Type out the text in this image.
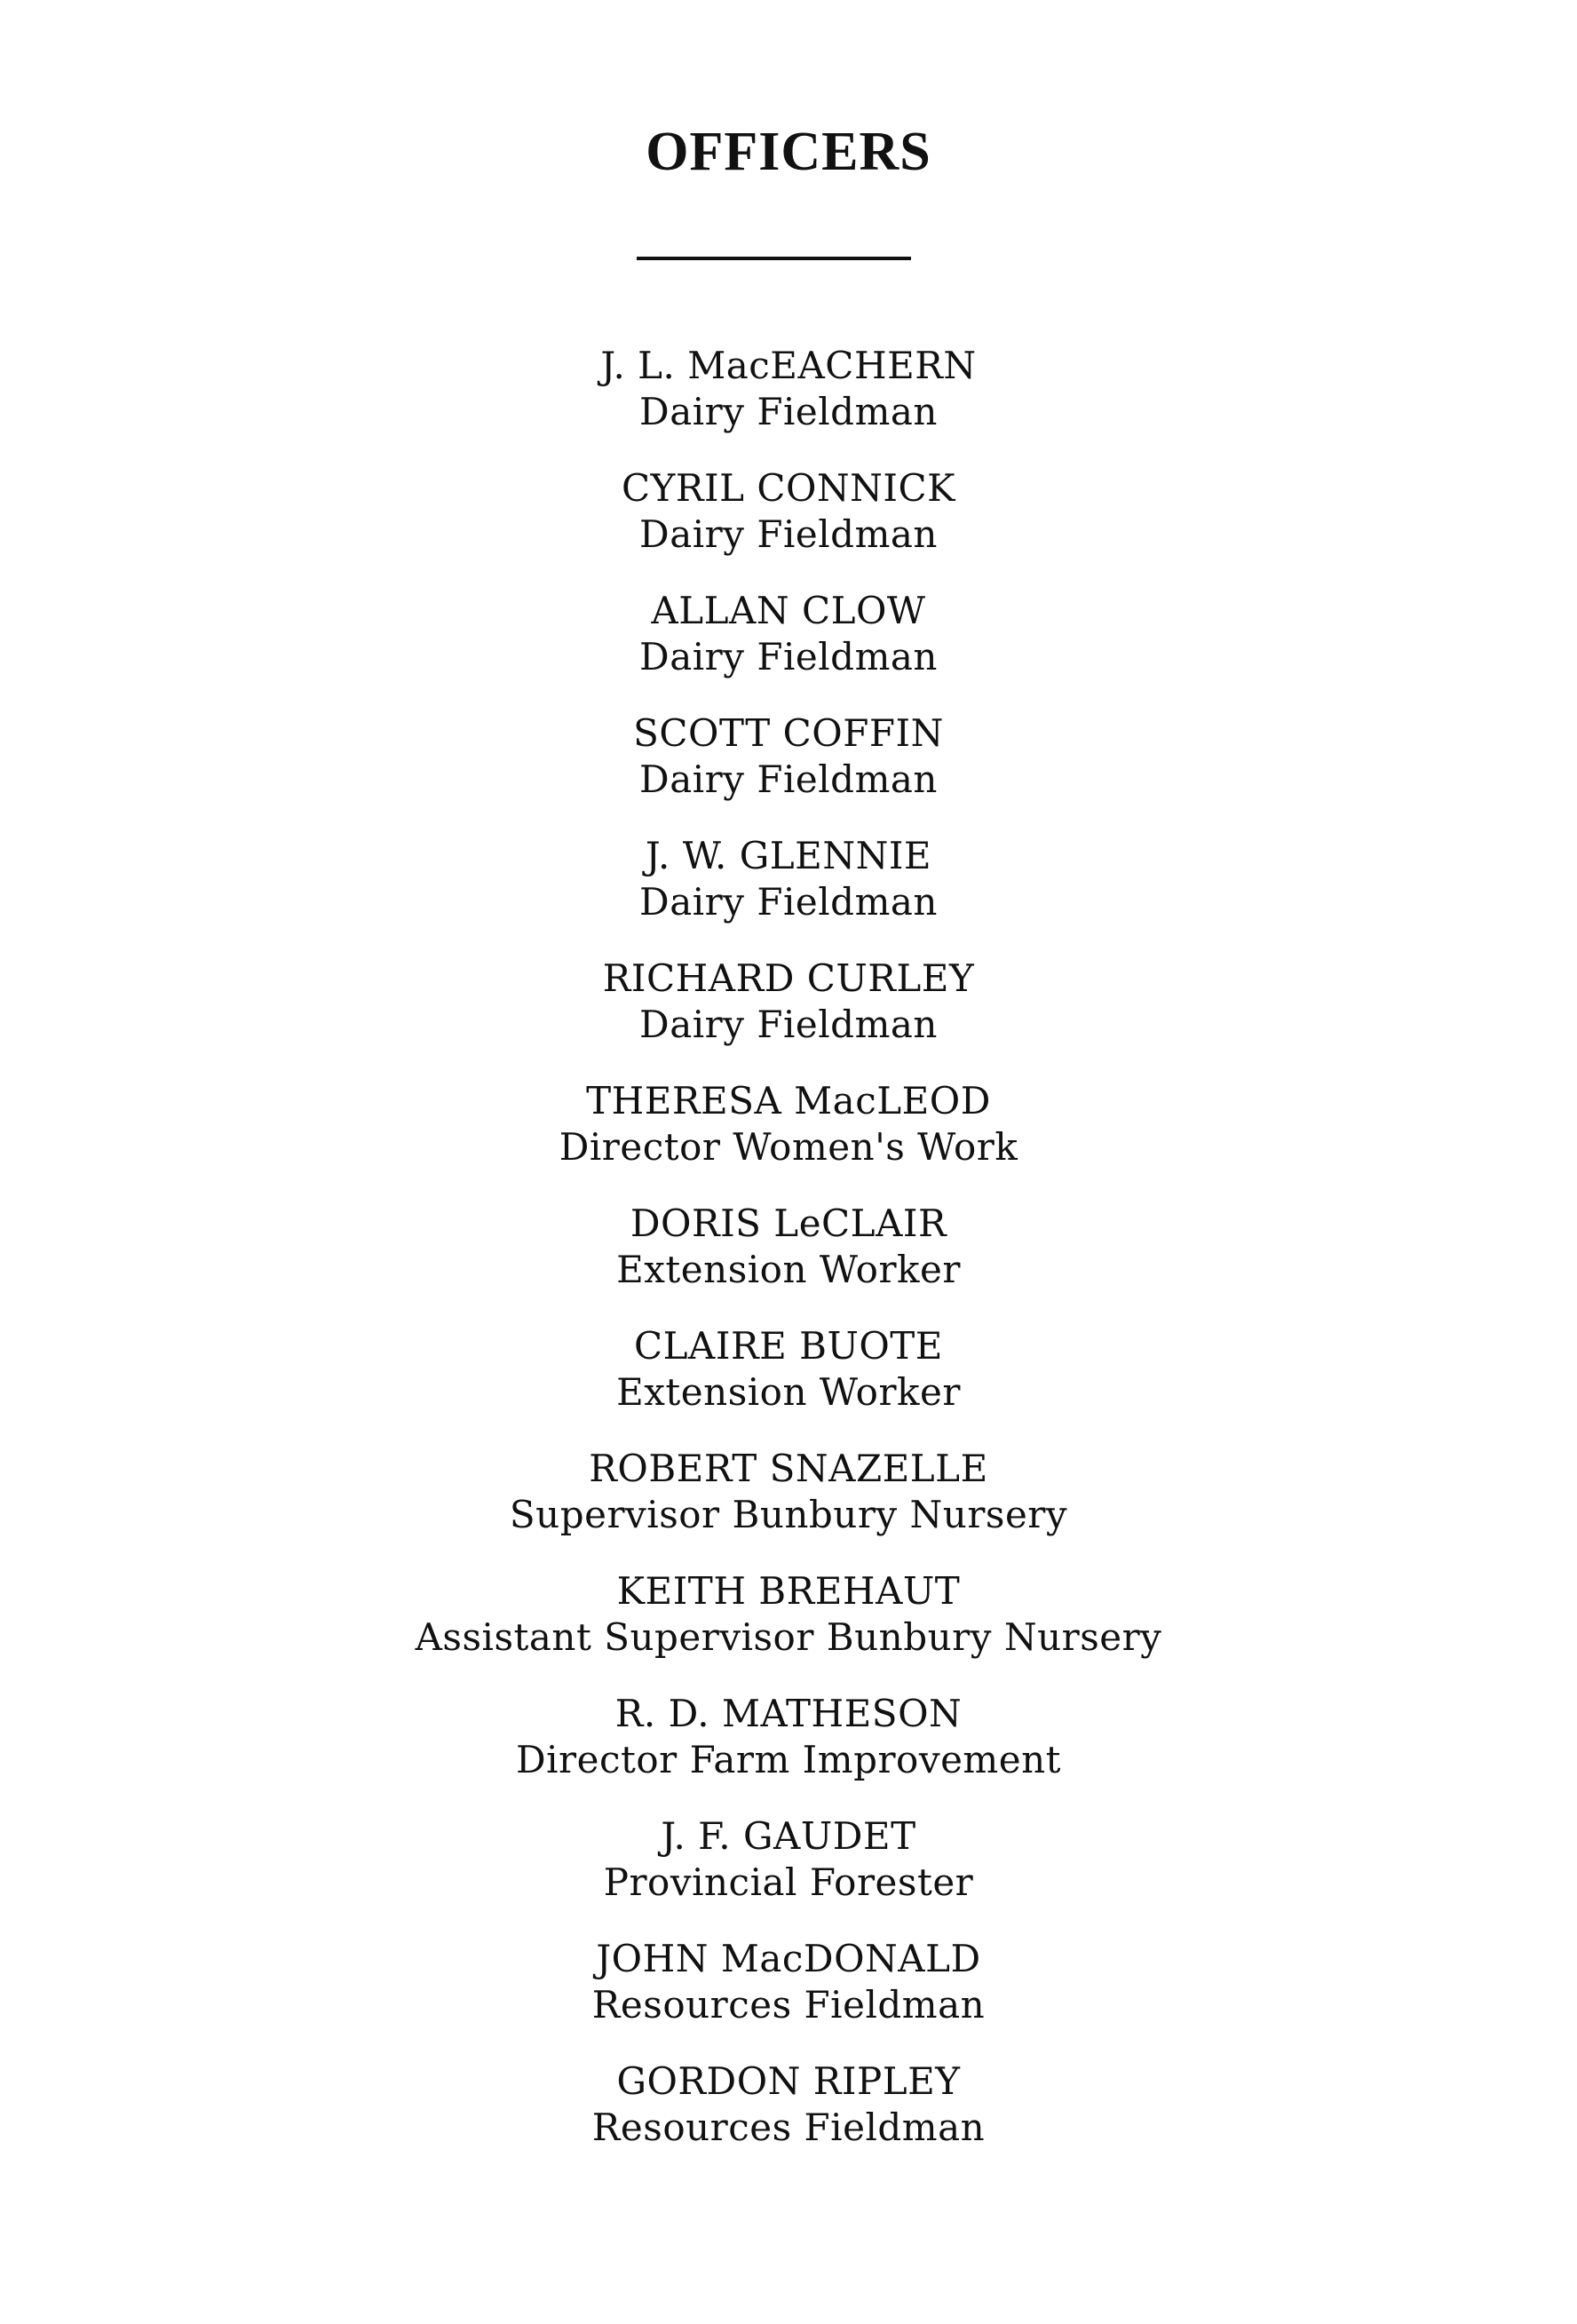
OFFICERS
J. L. MacEACHERN
Dairy Fieldman
CYRIL CONNICK
Dairy Fieldman
ALLAN CLOW
Dairy Fieldman
SCOTT COFFIN
Dairy Fieldman
J. W. GLENNIE
Dairy Fieldman
RICHARD CURLEY
Dairy Fieldman
THERESA MacLEOD
Director Women's Work
DORIS LeCLAIR
Extension Worker
CLAIRE BUOTE
Extension Worker
ROBERT SNAZELLE
Supervisor Bunbury Nursery
KEITH BREHAUT
Assistant Supervisor Bunbury Nursery
R. D. MATHESON
Director Farm Improvement
J. F. GAUDET
Provincial Forester
JOHN MacDONALD
Resources Fieldman
GORDON RIPLEY
Resources Fieldman
